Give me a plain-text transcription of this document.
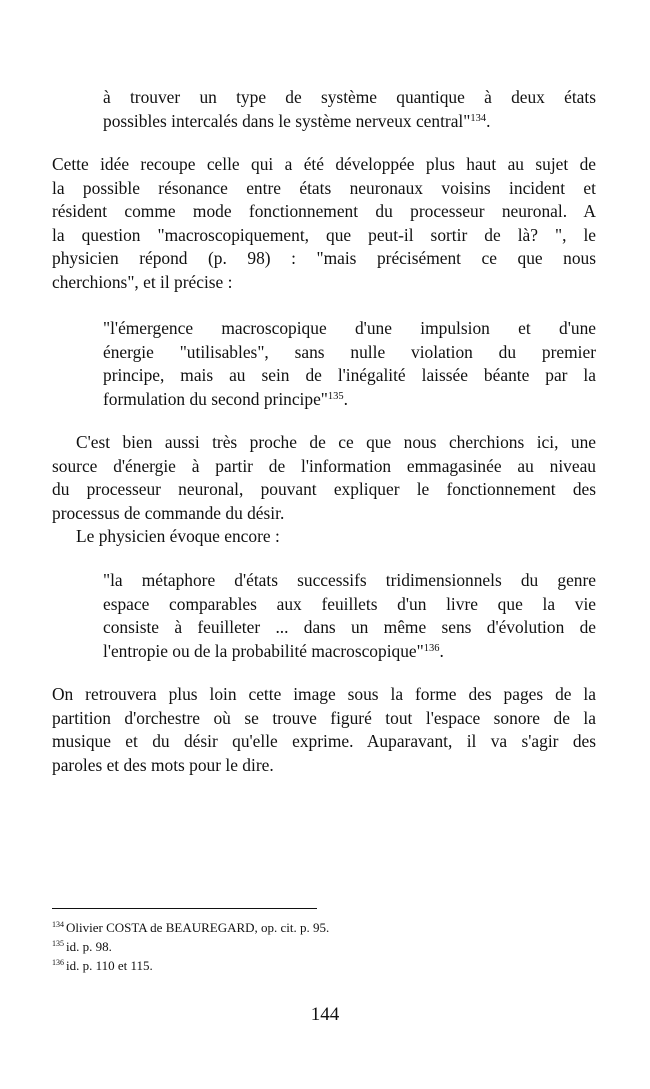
à trouver un type de système quantique à deux états
possibles intercalés dans le système nerveux central"$^{134}$.
Cette idée recoupe celle qui a été développée plus haut au sujet de
la possible résonance entre états neuronaux voisins incident et
résident comme mode fonctionnement du processeur neuronal. A
la question "macroscopiquement, que peut-il sortir de là? ", le
physicien répond (p. 98) : "mais précisément ce que nous
cherchions", et il précise :
"l'émergence macroscopique d'une impulsion et d'une
énergie "utilisables", sans nulle violation du premier
principe, mais au sein de l'inégalité laissée béante par la
formulation du second principe"$^{135}$.
C'est bien aussi très proche de ce que nous cherchions ici, une
source d'énergie à partir de l'information emmagasinée au niveau
du processeur neuronal, pouvant expliquer le fonctionnement des
processus de commande du désir.
Le physicien évoque encore :
"la métaphore d'états successifs tridimensionnels du genre
espace comparables aux feuillets d'un livre que la vie
consiste à feuilleter ... dans un même sens d'évolution de
l'entropie ou de la probabilité macroscopique"$^{136}$.
On retrouvera plus loin cette image sous la forme des pages de la
partition d'orchestre où se trouve figuré tout l'espace sonore de la
musique et du désir qu'elle exprime. Auparavant, il va s'agir des
paroles et des mots pour le dire.
$^{134}$ Olivier COSTA de BEAUREGARD, op. cit. p. 95.
$^{135}$ id. p. 98.
$^{136}$ id. p. 110 et 115.
144
